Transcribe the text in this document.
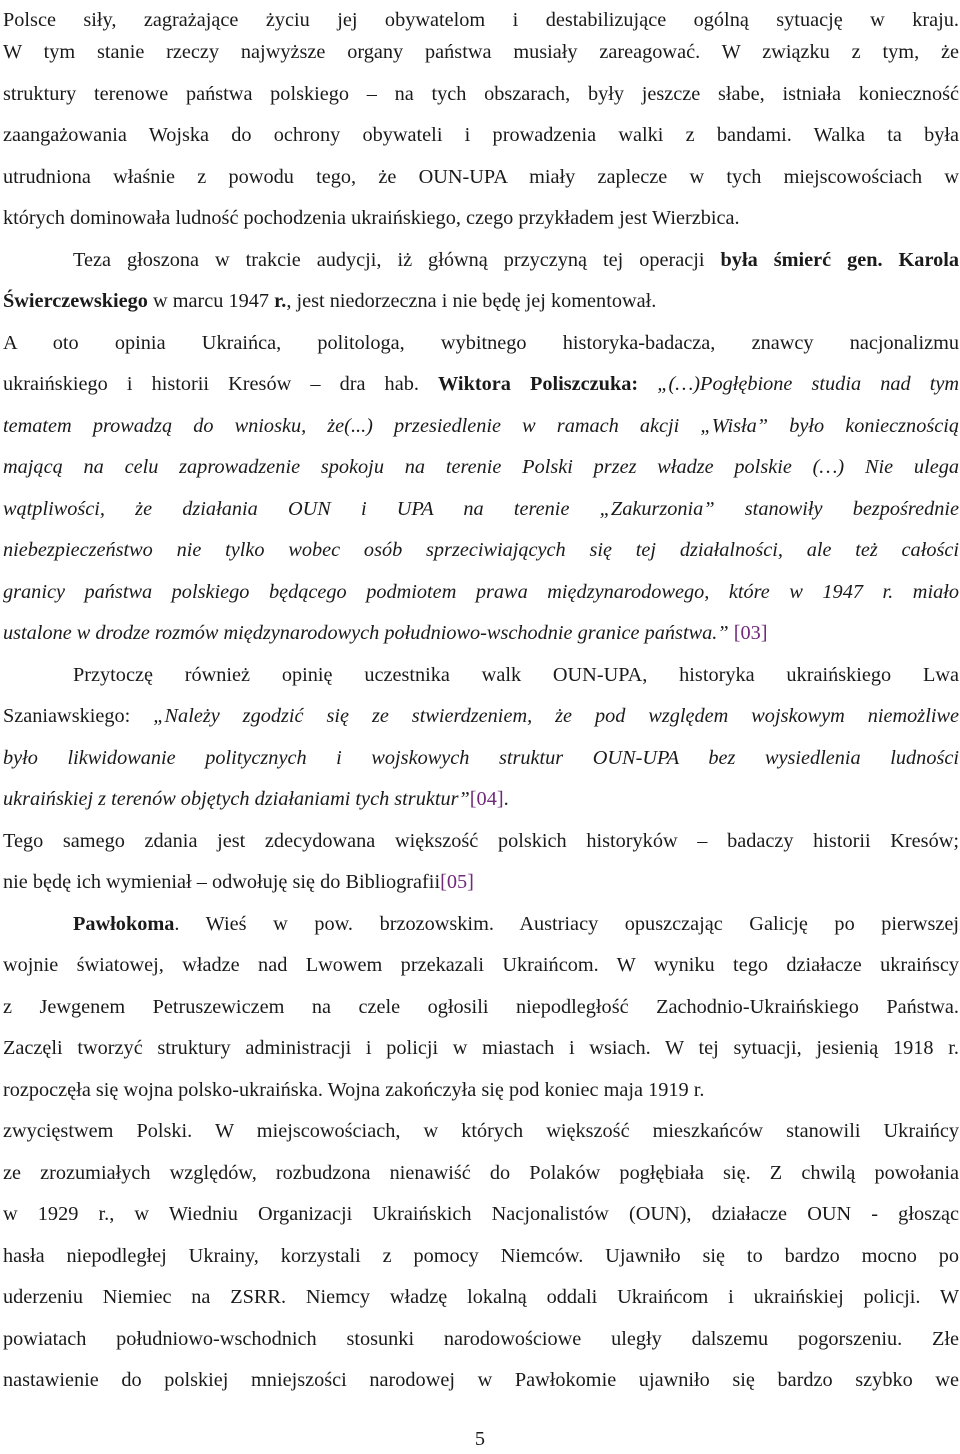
Polsce siły, zagrażające życiu jej obywatelom i destabilizujące ogólną sytuację w kraju.
W tym stanie rzeczy najwyższe organy państwa musiały zareagować. W związku z tym, że
struktury terenowe państwa polskiego – na tych obszarach, były jeszcze słabe, istniała konieczność
zaangażowania Wojska do ochrony obywateli i prowadzenia walki z bandami. Walka ta była
utrudniona właśnie z powodu tego, że OUN-UPA miały zaplecze w tych miejscowościach w
których dominowała ludność pochodzenia ukraińskiego, czego przykładem jest Wierzbica.
Teza głoszona w trakcie audycji, iż główną przyczyną tej operacji była śmierć gen. Karola
Świerczewskiego w marcu 1947 r., jest niedorzeczna i nie będę jej komentował.
A oto opinia Ukraińca, politologa, wybitnego historyka-badacza, znawcy nacjonalizmu
ukraińskiego i historii Kresów – dra hab. Wiktora Poliszczuka: „(…)Pogłębione studia nad tym
tematem prowadzą do wniosku, że(...) przesiedlenie w ramach akcji „Wisła” było koniecznością
mającą na celu zaprowadzenie spokoju na terenie Polski przez władze polskie (…) Nie ulega
wątpliwości, że działania OUN i UPA na terenie „Zakurzonia” stanowiły bezpośrednie
niebezpieczeństwo nie tylko wobec osób sprzeciwiających się tej działalności, ale też całości
granicy państwa polskiego będącego podmiotem prawa międzynarodowego, które w 1947 r. miało
ustalone w drodze rozmów międzynarodowych południowo-wschodnie granice państwa.” [03]
Przytoczę również opinię uczestnika walk OUN-UPA, historyka ukraińskiego Lwa
Szaniawskiego: „Należy zgodzić się ze stwierdzeniem, że pod względem wojskowym niemożliwe
było likwidowanie politycznych i wojskowych struktur OUN-UPA bez wysiedlenia ludności
ukraińskiej z terenów objętych działaniami tych struktur”[04].
Tego samego zdania jest zdecydowana większość polskich historyków – badaczy historii Kresów;
nie będę ich wymieniał – odwołuję się do Bibliografii[05]
Pawłokoma. Wieś w pow. brzozowskim. Austriacy opuszczając Galicję po pierwszej
wojnie światowej, władze nad Lwowem przekazali Ukraińcom. W wyniku tego działacze ukraińscy
z Jewgenem Petruszewiczem na czele ogłosili niepodległość Zachodnio-Ukraińskiego Państwa.
Zaczęli tworzyć struktury administracji i policji w miastach i wsiach. W tej sytuacji, jesienią 1918 r.
rozpoczęła się wojna polsko-ukraińska. Wojna zakończyła się pod koniec maja 1919 r.
zwycięstwem Polski. W miejscowościach, w których większość mieszkańców stanowili Ukraińcy
ze zrozumiałych względów, rozbudzona nienawiść do Polaków pogłębiała się. Z chwilą powołania
w 1929 r., w Wiedniu Organizacji Ukraińskich Nacjonalistów (OUN), działacze OUN - głosząc
hasła niepodległej Ukrainy, korzystali z pomocy Niemców. Ujawniło się to bardzo mocno po
uderzeniu Niemiec na ZSRR. Niemcy władzę lokalną oddali Ukraińcom i ukraińskiej policji. W
powiatach południowo-wschodnich stosunki narodowościowe uległy dalszemu pogorszeniu. Złe
nastawienie do polskiej mniejszości narodowej w Pawłokomie ujawniło się bardzo szybko we
5
